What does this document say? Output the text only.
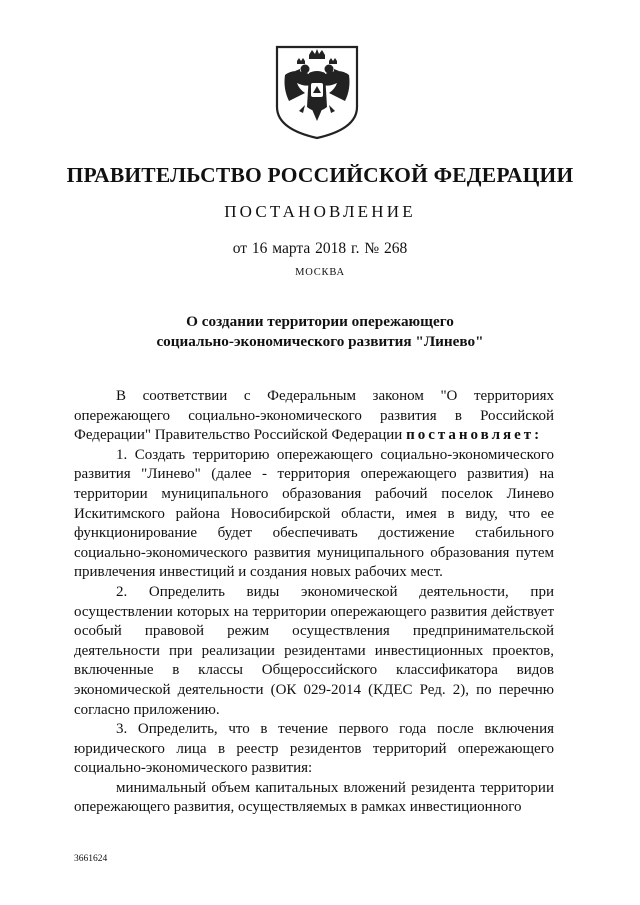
ПРАВИТЕЛЬСТВО РОССИЙСКОЙ ФЕДЕРАЦИИ
ПОСТАНОВЛЕНИЕ
от 16 марта 2018 г. № 268
МОСКВА
О создании территории опережающего
социально-экономического развития "Линево"

В соответствии с Федеральным законом "О территориях опережающего социально-экономического развития в Российской Федерации" Правительство Российской Федерации постановляет:

1. Создать территорию опережающего социально-экономического развития "Линево" (далее - территория опережающего развития) на территории муниципального образования рабочий поселок Линево Искитимского района Новосибирской области, имея в виду, что ее функционирование будет обеспечивать достижение стабильного социально-экономического развития муниципального образования путем привлечения инвестиций и создания новых рабочих мест.

2. Определить виды экономической деятельности, при осуществлении которых на территории опережающего развития действует особый правовой режим осуществления предпринимательской деятельности при реализации резидентами инвестиционных проектов, включенные в классы Общероссийского классификатора видов экономической деятельности (ОК 029-2014 (КДЕС Ред. 2), по перечню согласно приложению.

3. Определить, что в течение первого года после включения юридического лица в реестр резидентов территорий опережающего социально-экономического развития:

минимальный объем капитальных вложений резидента территории опережающего развития, осуществляемых в рамках инвестиционного

3661624
